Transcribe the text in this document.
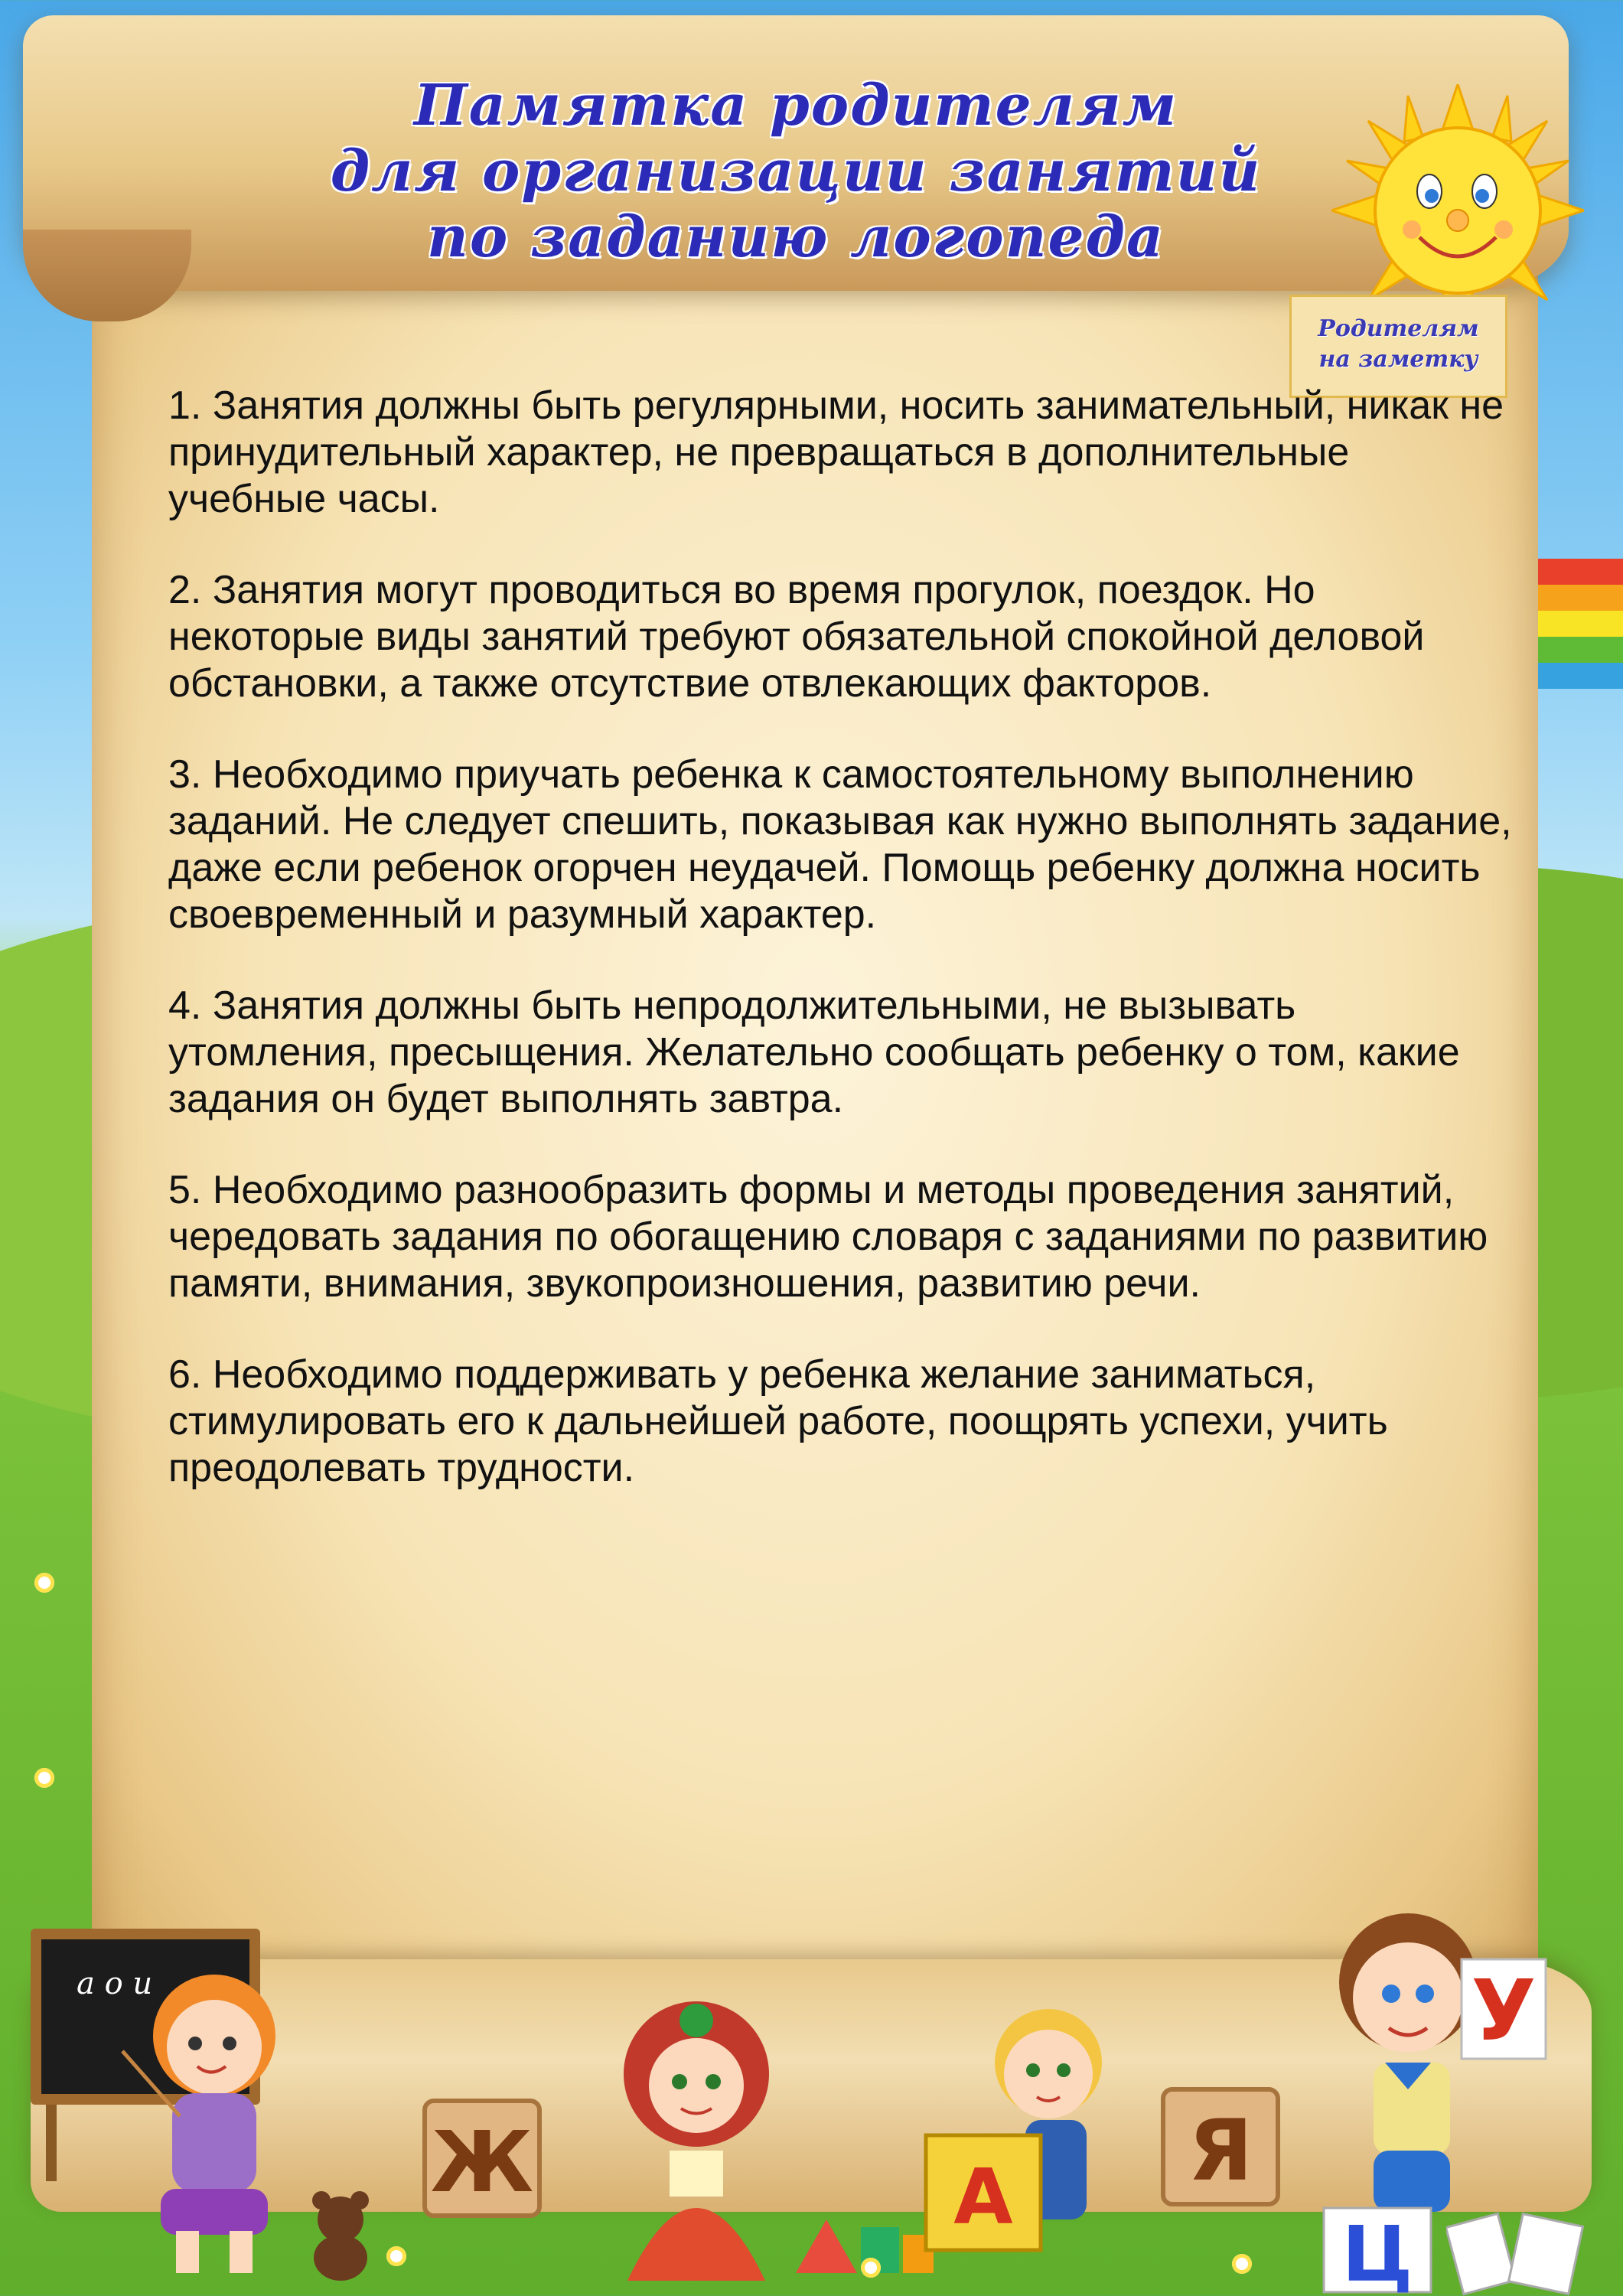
Памятка родителям
для организации занятий
по заданию логопеда
Родителям
на заметку

1. Занятия должны быть регулярными, носить занимательный, никак не принудительный характер, не превращаться в дополнительные учебные часы.

2. Занятия могут проводиться во время прогулок, поездок. Но некоторые виды занятий требуют обязательной спокойной деловой обстановки, а также отсутствие отвлекающих факторов.

3. Необходимо приучать ребенка к самостоятельному выполнению заданий. Не следует спешить, показывая как нужно выполнять задание, даже если ребенок огорчен неудачей. Помощь ребенку должна носить своевременный и разумный характер.

4. Занятия должны быть непродолжительными, не вызывать утомления, пресыщения. Желательно сообщать ребенку о том, какие задания он будет выполнять завтра.

5. Необходимо разнообразить формы и методы проведения занятий, чередовать задания по обогащению словаря с заданиями по развитию памяти, внимания, звукопроизношения, развитию речи.

6. Необходимо поддерживать у ребенка желание заниматься, стимулировать его к дальнейшей работе, поощрять успехи, учить преодолевать трудности.

а о и
Ж	А Я
У
Ц
